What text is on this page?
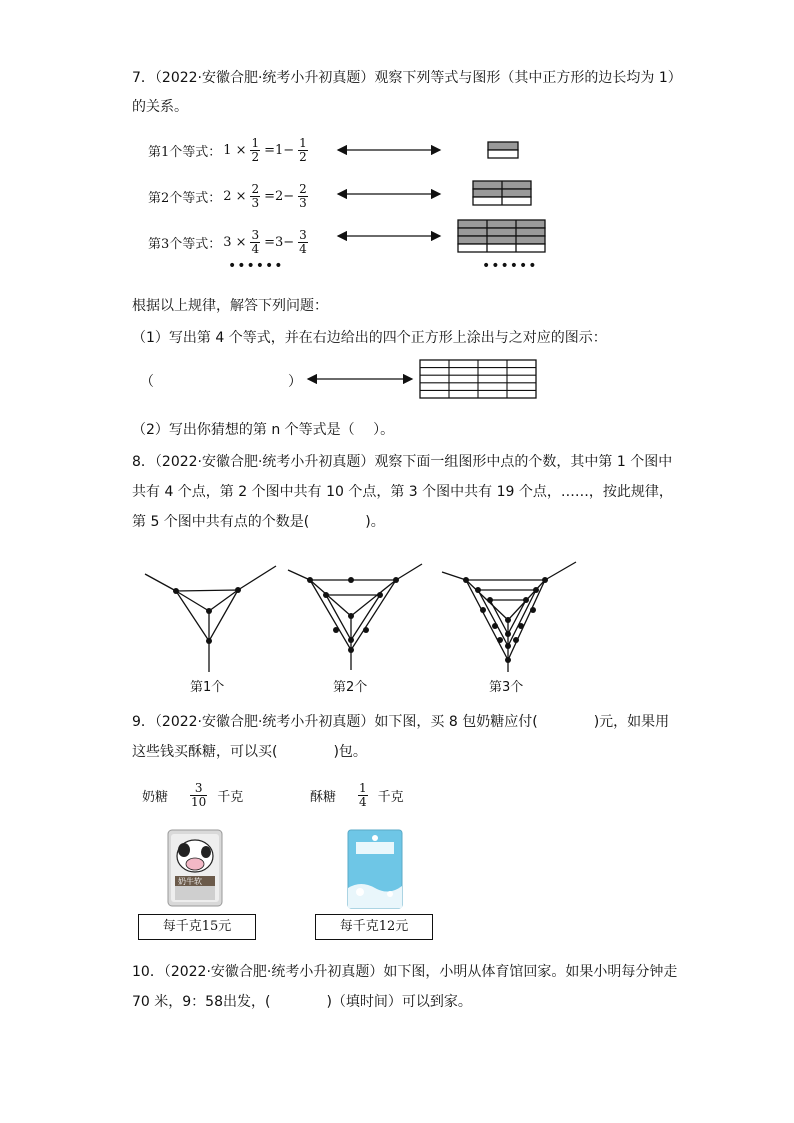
7．（2022·安徽合肥·统考小升初真题）观察下列等式与图形（其中正方形的边长均为 1）
的关系。
第1个等式： $1 \times \frac{1}{2} =1- \frac{1}{2}$
第2个等式： $2 \times \frac{2}{3} =2- \frac{2}{3}$
第3个等式： $3 \times \frac{3}{4} =3- \frac{3}{4}$
••••••	••••••
根据以上规律，解答下列问题：
（1）写出第 4 个等式，并在右边给出的四个正方形上涂出与之对应的图示：
（	）
（2）写出你猜想的第 n 个等式是（　 ）。
8．（2022·安徽合肥·统考小升初真题）观察下面一组图形中点的个数，其中第 1 个图中
共有 4 个点，第 2 个图中共有 10 个点，第 3 个图中共有 19 个点，……，按此规律，
第 5 个图中共有点的个数是(　　　　)。
第1个	第2个	第3个
9．（2022·安徽合肥·统考小升初真题）如下图，买 8 包奶糖应付(　　　　)元，如果用
这些钱买酥糖，可以买(　　　　)包。
奶糖 $\frac{3}{10}$ 千克	酥糖 $\frac{1}{4}$ 千克
奶牛软
每千克15元	每千克12元
10．（2022·安徽合肥·统考小升初真题）如下图，小明从体育馆回家。如果小明每分钟走
70 米，9：58出发，(　　　　)（填时间）可以到家。
